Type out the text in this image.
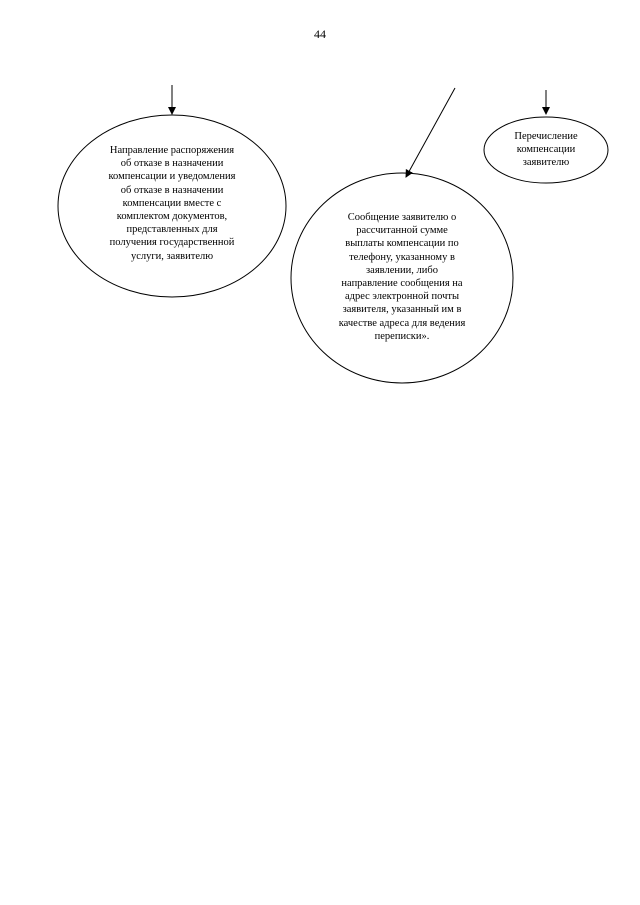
44
Направление распоряжения
об отказе в назначении
компенсации и уведомления
об отказе в назначении
компенсации вместе с
комплектом документов,
представленных для
получения государственной
услуги, заявителю
Сообщение заявителю о
рассчитанной сумме
выплаты компенсации по
телефону, указанному в
заявлении, либо
направление сообщения на
адрес электронной почты
заявителя, указанный им в
качестве адреса для ведения
переписки».
Перечисление
компенсации
заявителю
